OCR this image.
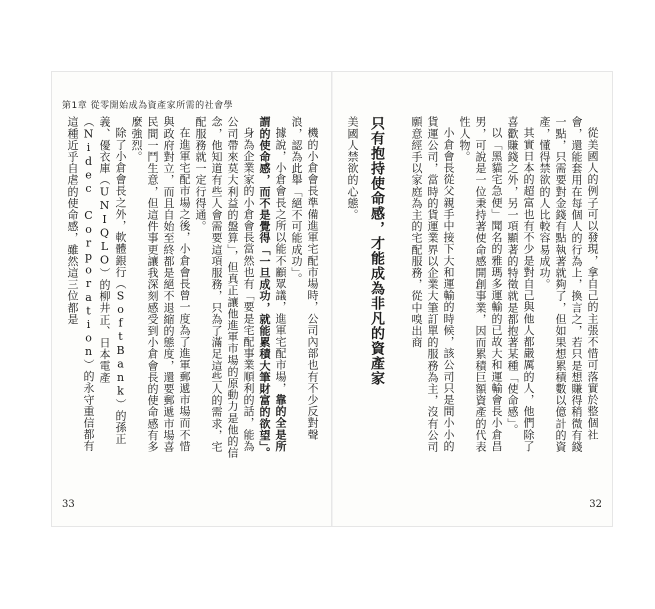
第1章 從零開始成為資產家所需的社會學
機的小倉會長準備進軍宅配市場時，公司內部也有不少反對聲浪，認為此舉「絕不可能成功」。
據說，小倉會長之所以能不顧眾議，進軍宅配市場，靠的全是所謂的使命感，而不是覺得「一旦成功，就能累積大筆財富的欲望」。
身為企業家的小倉會長當然也有「要是宅配事業順利的話，能為公司帶來莫大利益的盤算」，但真正讓他進軍市場的原動力是他的信念，他知道有些人會需要這項服務，只為了滿足這些人的需求，宅配服務就一定行得通。
在進軍宅配市場之後，小倉會長曾一度為了進軍郵遞市場而不惜與政府對立，而且自始至終都是絕不退縮的態度，還要郵遞市場喜民間一鬥生意，但這件事更讓我深刻感受到小倉會長的使命感有多麼強烈。
除了小倉會長之外，軟體銀行（SoftBank）的孫正義、優衣庫（UNIQLO）的柳井正、日本電產（Nidec Corporation）的永守重信都有這種近乎自虐的使命感，雖然這三位都是
33
從美國人的例子可以發現，拿自己的主張不惜可落實於整個社會，還能套用在每個人的行為上，換言之，若只是想賺得稍微有錢一點，只需要對金錢有點執著就夠了，但如果想累積數以億計的資產，懂得禁欲的人比較容易成功。
其實日本的超富也有不少是對自己與他人都嚴厲的人，他們除了喜歡賺錢之外，另一項顯著的特徵就是都抱著某種「使命感」。
以「黑貓宅急便」聞名的雅瑪多運輸的已故大和運輸會長小倉昌男，可說是一位秉持著使命感開創事業，因而累積巨額資產的代表性人物。
小倉會長從父親手中接下大和運輸的時候，該公司只是間小小的貨運公司，當時的貨運業界以企業大筆訂單的服務為主，沒有公司願意經手以家庭為主的宅配服務，從中嗅出商
只有抱持使命感，才能成為非凡的資產家
美國人禁欲的心態。
32
